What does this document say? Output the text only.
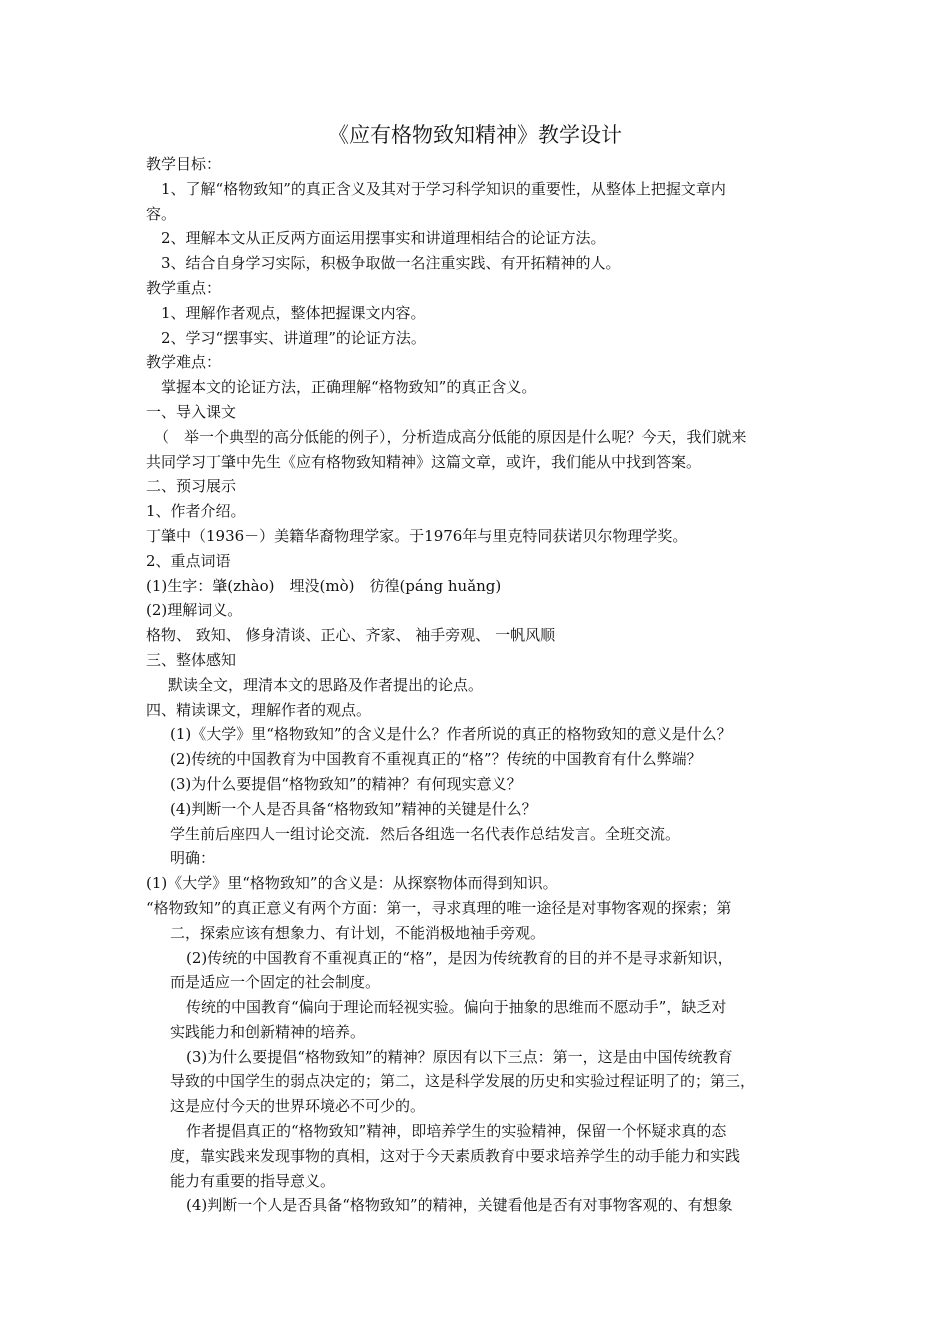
《应有格物致知精神》教学设计
教学目标：
1、了解“格物致知”的真正含义及其对于学习科学知识的重要性，从整体上把握文章内
容。
2、理解本文从正反两方面运用摆事实和讲道理相结合的论证方法。
3、结合自身学习实际，积极争取做一名注重实践、有开拓精神的人。
教学重点：
1、理解作者观点，整体把握课文内容。
2、学习“摆事实、讲道理”的论证方法。
教学难点：
掌握本文的论证方法，正确理解“格物致知”的真正含义。
一、导入课文
（　举一个典型的高分低能的例子），分析造成高分低能的原因是什么呢？今天，我们就来
共同学习丁肇中先生《应有格物致知精神》这篇文章，或许，我们能从中找到答案。
二、预习展示
1、作者介绍。
丁肇中（1936－）美籍华裔物理学家。于1976年与里克特同获诺贝尔物理学奖。
2、重点词语
(1)生字：肇(zhào)　埋没(mò)　彷徨(páng huǎng)
(2)理解词义。
格物、 致知、 修身清谈、正心、齐家、 袖手旁观、 一帆风顺
三、整体感知
默读全文，理清本文的思路及作者提出的论点。
四、精读课文，理解作者的观点。
(1)《大学》里“格物致知”的含义是什么？作者所说的真正的格物致知的意义是什么？
(2)传统的中国教育为中国教育不重视真正的“格”？传统的中国教育有什么弊端？
(3)为什么要提倡“格物致知”的精神？有何现实意义？
(4)判断一个人是否具备“格物致知”精神的关键是什么？
学生前后座四人一组讨论交流．然后各组选一名代表作总结发言。全班交流。
明确：
(1)《大学》里“格物致知”的含义是：从探察物体而得到知识。
“格物致知”的真正意义有两个方面：第一，寻求真理的唯一途径是对事物客观的探索；第
二，探索应该有想象力、有计划，不能消极地袖手旁观。
(2)传统的中国教育不重视真正的“格”，是因为传统教育的目的并不是寻求新知识，
而是适应一个固定的社会制度。
传统的中国教育“偏向于理论而轻视实验。偏向于抽象的思维而不愿动手”，缺乏对
实践能力和创新精神的培养。
(3)为什么要提倡“格物致知”的精神？原因有以下三点：第一，这是由中国传统教育
导致的中国学生的弱点决定的；第二，这是科学发展的历史和实验过程证明了的；第三，
这是应付今天的世界环境必不可少的。
作者提倡真正的“格物致知”精神，即培养学生的实验精神，保留一个怀疑求真的态
度，靠实践来发现事物的真相，这对于今天素质教育中要求培养学生的动手能力和实践
能力有重要的指导意义。
(4)判断一个人是否具备“格物致知”的精神，关键看他是否有对事物客观的、有想象
